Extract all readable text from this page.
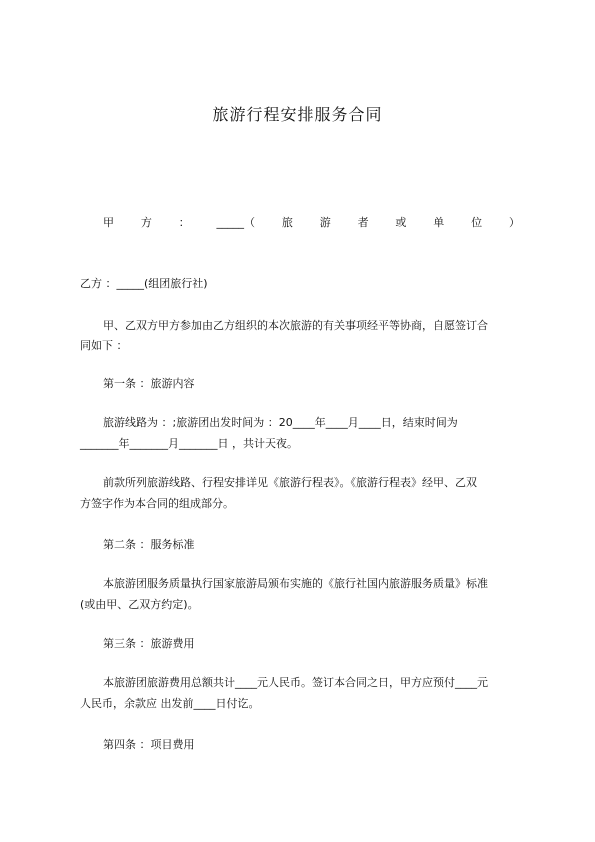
旅游行程安排服务合同
甲 方 ： _____（ 旅 游 者 或 单 位 ）
乙方 ：_____(组团旅行社)
甲、乙双方甲方参加由乙方组织的本次旅游的有关事项经平等协商，自愿签订合
同如下 ：
第一条 ：旅游内容
旅游线路为 ：;旅游团出发时间为 ：20____年____月____日，结束时间为
_______年_______月_______日 ，共计天夜。
前款所列旅游线路、行程安排详见《旅游行程表》。《旅游行程表》经甲、乙双
方签字作为本合同的组成部分。
第二条 ：服务标准
本旅游团服务质量执行国家旅游局颁布实施的《旅行社国内旅游服务质量》标准
(或由甲、乙双方约定)。
第三条 ：旅游费用
本旅游团旅游费用总额共计____元人民币。签订本合同之日，甲方应预付____元
人民币，余款应 出发前____日付讫。
第四条 ：项目费用
